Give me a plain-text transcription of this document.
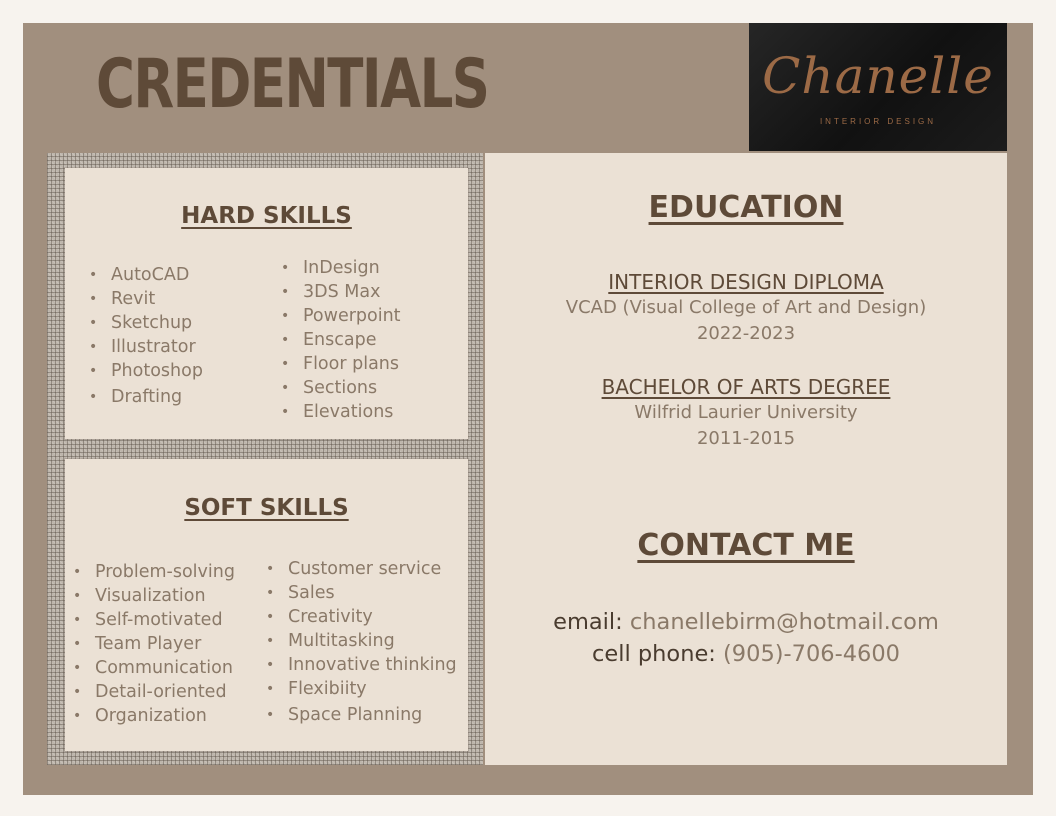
CREDENTIALS	Chanelle
INTERIOR DESIGN
HARD SKILLS
• AutoCAD
• Revit
• Sketchup
• Illustrator
• Photoshop
• Drafting
• InDesign
• 3DS Max
• Powerpoint
• Enscape
• Floor plans
• Sections
• Elevations
SOFT SKILLS
• Problem-solving
• Visualization
• Self-motivated
• Team Player
• Communication
• Detail-oriented
• Organization
• Customer service
• Sales
• Creativity
• Multitasking
• Innovative thinking
• Flexibiity
• Space Planning
EDUCATION
INTERIOR DESIGN DIPLOMA
VCAD (Visual College of Art and Design)
2022-2023
BACHELOR OF ARTS DEGREE
Wilfrid Laurier University
2011-2015
CONTACT ME
email: chanellebirm@hotmail.com
cell phone: (905)-706-4600
